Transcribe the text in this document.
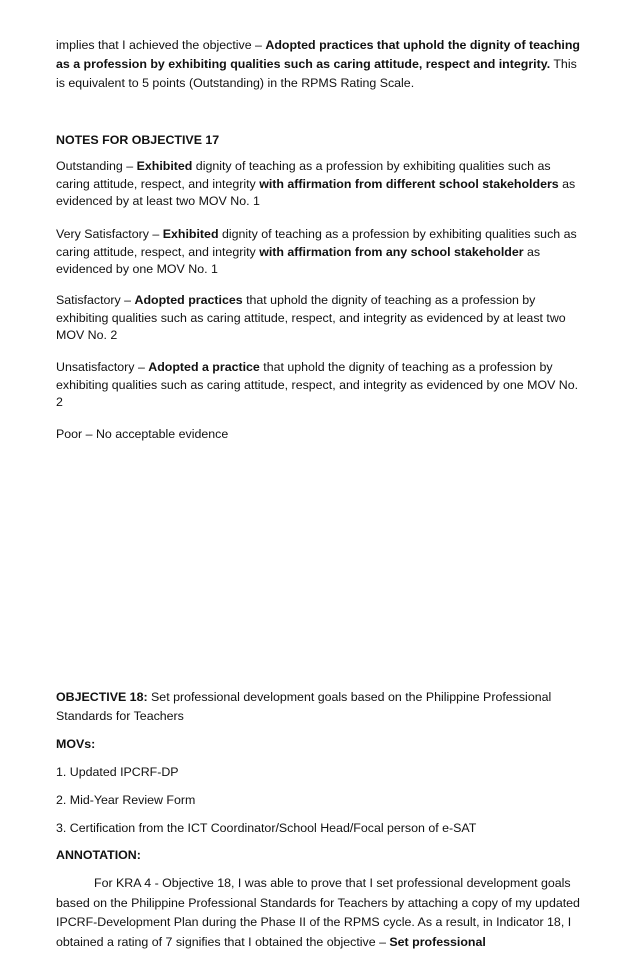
implies that I achieved the objective – Adopted practices that uphold the dignity of teaching as a profession by exhibiting qualities such as caring attitude, respect and integrity. This is equivalent to 5 points (Outstanding) in the RPMS Rating Scale.

NOTES FOR OBJECTIVE 17

Outstanding – Exhibited dignity of teaching as a profession by exhibiting qualities such as caring attitude, respect, and integrity with affirmation from different school stakeholders as evidenced by at least two MOV No. 1

Very Satisfactory – Exhibited dignity of teaching as a profession by exhibiting qualities such as caring attitude, respect, and integrity with affirmation from any school stakeholder as evidenced by one MOV No. 1

Satisfactory – Adopted practices that uphold the dignity of teaching as a profession by exhibiting qualities such as caring attitude, respect, and integrity as evidenced by at least two MOV No. 2

Unsatisfactory – Adopted a practice that uphold the dignity of teaching as a profession by exhibiting qualities such as caring attitude, respect, and integrity as evidenced by one MOV No. 2

Poor – No acceptable evidence

OBJECTIVE 18: Set professional development goals based on the Philippine Professional Standards for Teachers

MOVs:

1. Updated IPCRF-DP

2. Mid-Year Review Form

3. Certification from the ICT Coordinator/School Head/Focal person of e-SAT

ANNOTATION:

For KRA 4 - Objective 18, I was able to prove that I set professional development goals based on the Philippine Professional Standards for Teachers by attaching a copy of my updated IPCRF-Development Plan during the Phase II of the RPMS cycle. As a result, in Indicator 18, I obtained a rating of 7 signifies that I obtained the objective – Set professional
